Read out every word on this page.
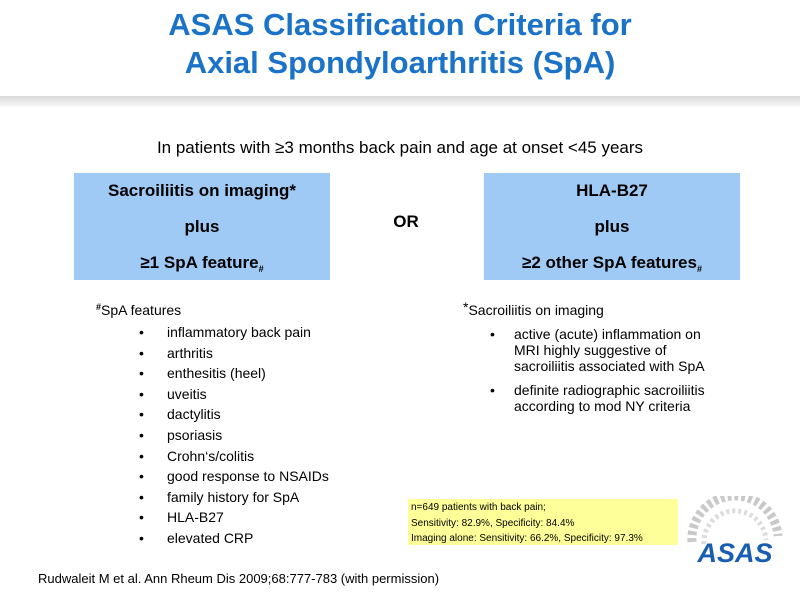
ASAS Classification Criteria for
Axial Spondyloarthritis (SpA)
In patients with ≥3 months back pain and age at onset <45 years
Sacroiliitis on imaging*
plus
≥1 SpA feature#
OR
HLA-B27
plus
≥2 other SpA features#
#SpA features
• inflammatory back pain
• arthritis
• enthesitis (heel)
• uveitis
• dactylitis
• psoriasis
• Crohn‘s/colitis
• good response to NSAIDs
• family history for SpA
• HLA-B27
• elevated CRP
*Sacroiliitis on imaging
• active (acute) inflammation on MRI highly suggestive of sacroiliitis associated with SpA
• definite radiographic sacroiliitis according to mod NY criteria
n=649 patients with back pain;
Sensitivity: 82.9%, Specificity: 84.4%
Imaging alone: Sensitivity: 66.2%, Specificity: 97.3%
Rudwaleit M et al. Ann Rheum Dis 2009;68:777-783 (with permission)
ASAS
